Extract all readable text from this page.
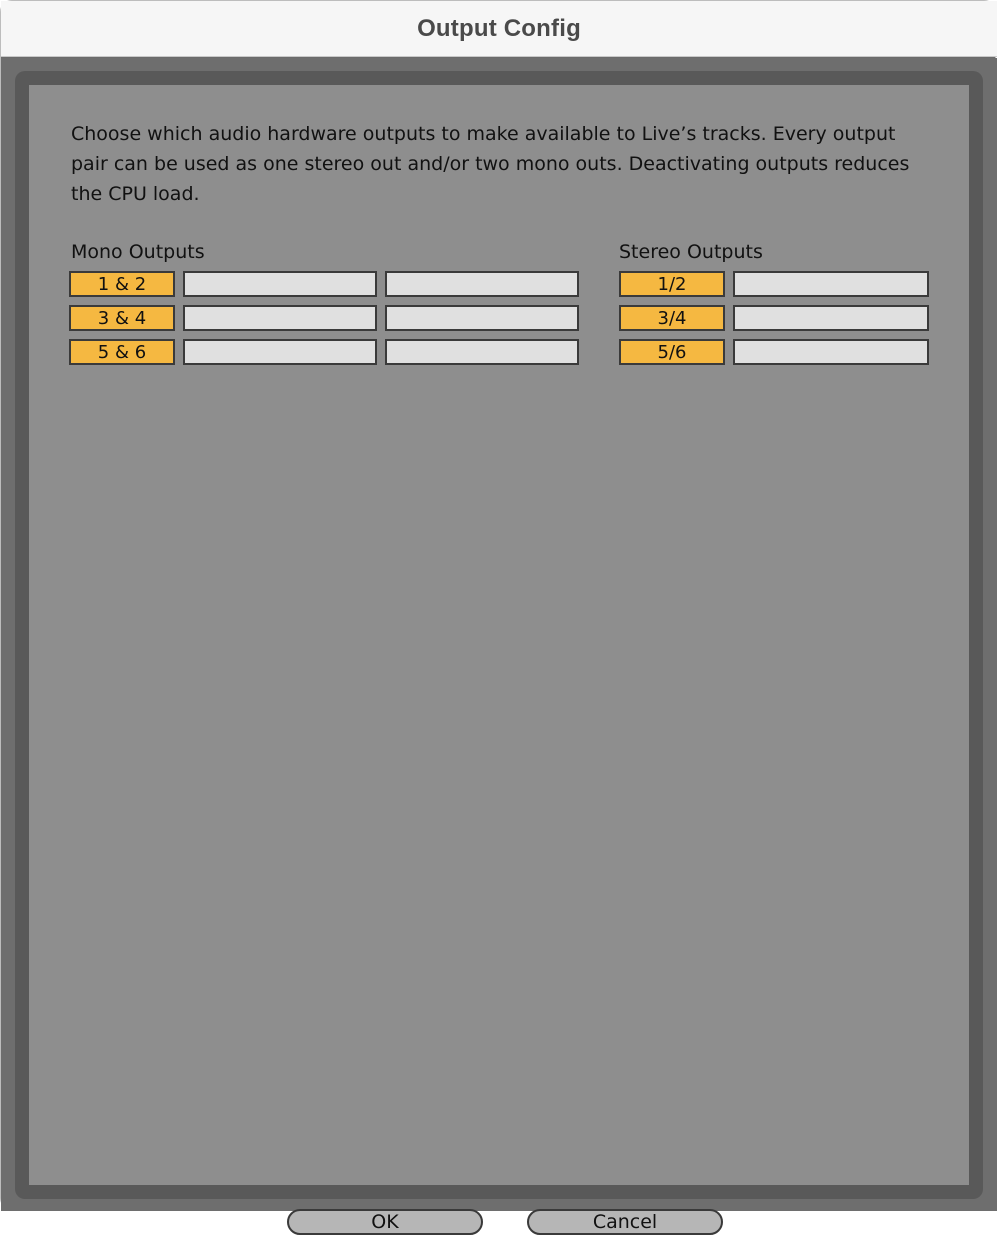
Output Config

Choose which audio hardware outputs to make available to Live’s tracks. Every output pair can be used as one stereo out and/or two mono outs. Deactivating outputs reduces the CPU load.

Mono Outputs	Stereo Outputs
1 & 2
3 & 4
5 & 6
1/2
3/4
5/6
OK	Cancel
